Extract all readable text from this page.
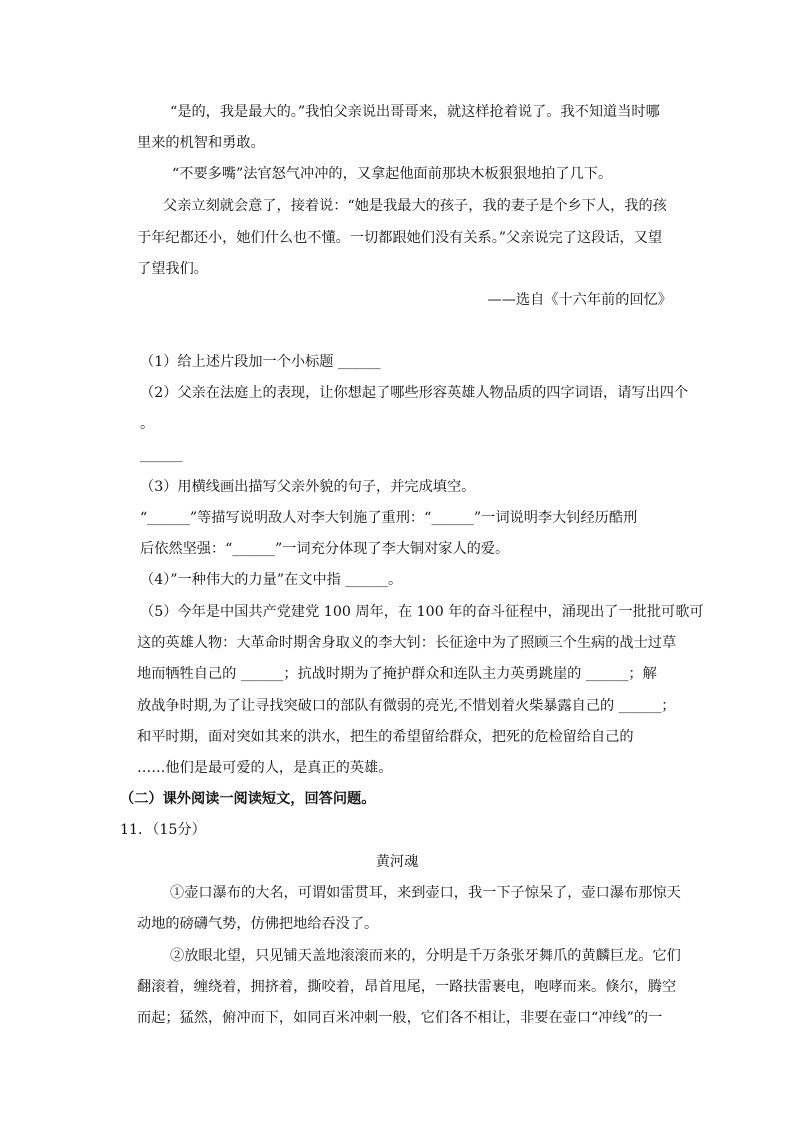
“是的，我是最大的。”我怕父亲说出哥哥来，就这样抢着说了。我不知道当时哪
里来的机智和勇敢。
“不要多嘴”法官怒气冲冲的，又拿起他面前那块木板狠狠地拍了几下。
父亲立刻就会意了，接着说：“她是我最大的孩子，我的妻子是个乡下人，我的孩
于年纪都还小，她们什么也不懂。一切都跟她们没有关系。”父亲说完了这段话，又望
了望我们。
——选自《十六年前的回忆》
（1）给上述片段加一个小标题 ______
（2）父亲在法庭上的表现，让你想起了哪些形容英雄人物品质的四字词语，请写出四个
。
______
（3）用横线画出描写父亲外貌的句子，并完成填空。
“______”等描写说明敌人对李大钊施了重刑：“______”一词说明李大钊经历酷刑
后依然坚强：“______”一词充分体现了李大铜对家人的爱。
（4）”一种伟大的力量”在文中指 ______。
（5）今年是中国共产党建党 100 周年，在 100 年的奋斗征程中，涌现出了一批批可歌可
这的英雄人物：大革命时期舍身取义的李大钊：长征途中为了照顾三个生病的战士过草
地而牺牲自己的 ______；抗战时期为了掩护群众和连队主力英勇跳崖的 ______；解
放战争时期,为了让寻找突破口的部队有微弱的亮光,不惜划着火柴暴露自己的 ______；
和平时期，面对突如其来的洪水，把生的希望留给群众，把死的危检留给自己的
……他们是最可爱的人，是真正的英雄。
（二）课外阅读一阅读短文，回答问题。
11．（15分）
黄河魂
①壶口瀑布的大名，可谓如雷贯耳，来到壶口，我一下子惊呆了，壶口瀑布那惊天
动地的磅礴气势，仿佛把地给吞没了。
②放眼北望，只见铺天盖地滚滚而来的，分明是千万条张牙舞爪的黄麟巨龙。它们
翻滚着，缠绕着，拥挤着，撕咬着，昂首甩尾，一路扶雷裹电，咆哮而来。倏尔，腾空
而起；猛然，俯冲而下，如同百米冲刺一般，它们各不相让，非要在壶口“冲线”的一
